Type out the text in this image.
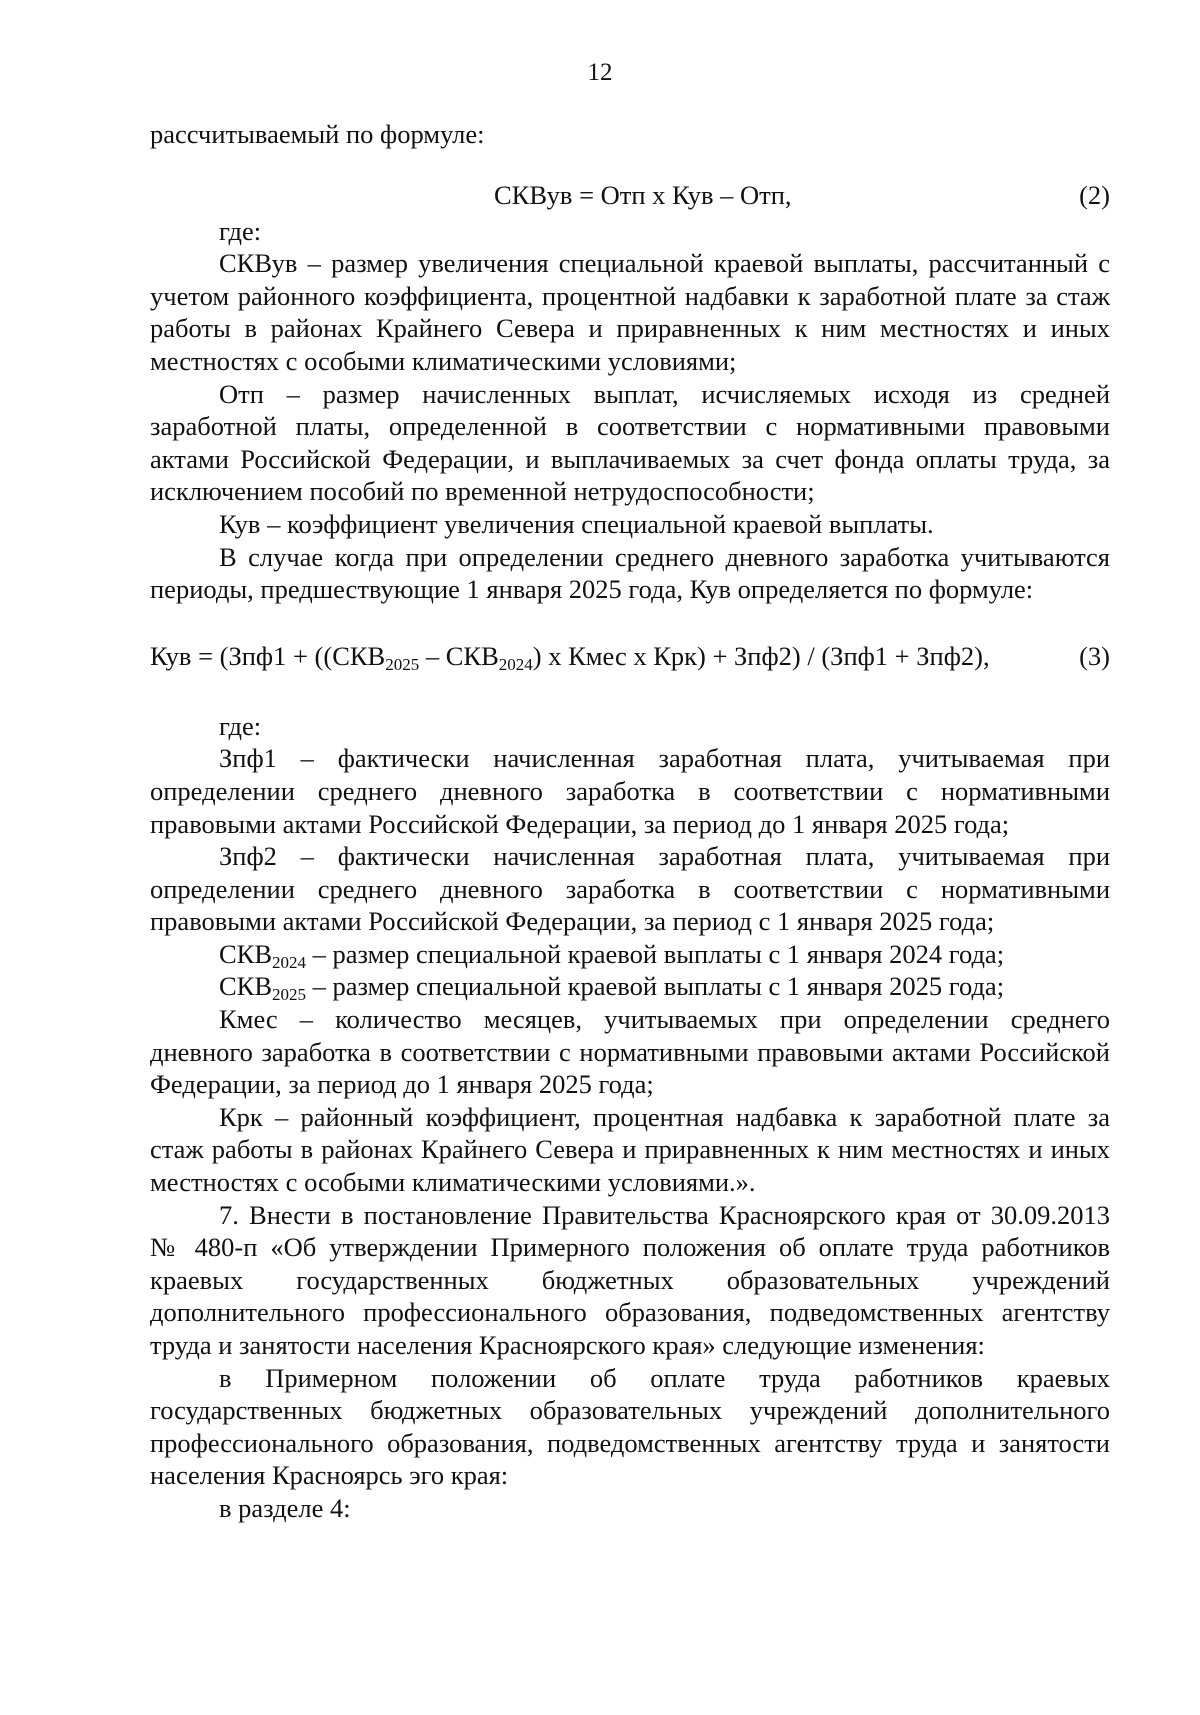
12

рассчитываемый по формуле:

СКВув = Отп х Кув – Отп,	(2)

где:

СКВув – размер увеличения специальной краевой выплаты, рассчитанный с учетом районного коэффициента, процентной надбавки к заработной плате за стаж работы в районах Крайнего Севера и приравненных к ним местностях и иных местностях с особыми климатическими условиями;

Отп – размер начисленных выплат, исчисляемых исходя из средней заработной платы, определенной в соответствии с нормативными правовыми актами Российской Федерации, и выплачиваемых за счет фонда оплаты труда, за исключением пособий по временной нетрудоспособности;

Кув – коэффициент увеличения специальной краевой выплаты.

В случае когда при определении среднего дневного заработка учитываются периоды, предшествующие 1 января 2025 года, Кув определяется по формуле:

Кув = ($Зпф1 + ((СКВ_{2025} - СКВ_{2024})$ х Кмес х Крк) + Зпф2) / (Зпф1 + Зпф2),	(3)

где:

Зпф1 – фактически начисленная заработная плата, учитываемая при определении среднего дневного заработка в соответствии с нормативными правовыми актами Российской Федерации, за период до 1 января 2025 года;

Зпф2 – фактически начисленная заработная плата, учитываемая при определении среднего дневного заработка в соответствии с нормативными правовыми актами Российской Федерации, за период с 1 января 2025 года;

$СКВ_{2024}$ – размер специальной краевой выплаты с 1 января 2024 года;

$СКВ_{2025}$ – размер специальной краевой выплаты с 1 января 2025 года;

Кмес – количество месяцев, учитываемых при определении среднего дневного заработка в соответствии с нормативными правовыми актами Российской Федерации, за период до 1 января 2025 года;

Крк – районный коэффициент, процентная надбавка к заработной плате за стаж работы в районах Крайнего Севера и приравненных к ним местностях и иных местностях с особыми климатическими условиями.».

7. Внести в постановление Правительства Красноярского края от 30.09.2013 № 480-п «Об утверждении Примерного положения об оплате труда работников краевых государственных бюджетных образовательных учреждений дополнительного профессионального образования, подведомственных агентству труда и занятости населения Красноярского края» следующие изменения:

в Примерном положении об оплате труда работников краевых государственных бюджетных образовательных учреждений дополнительного профессионального образования, подведомственных агентству труда и занятости населения Красноярсь эго края:

в разделе 4:
